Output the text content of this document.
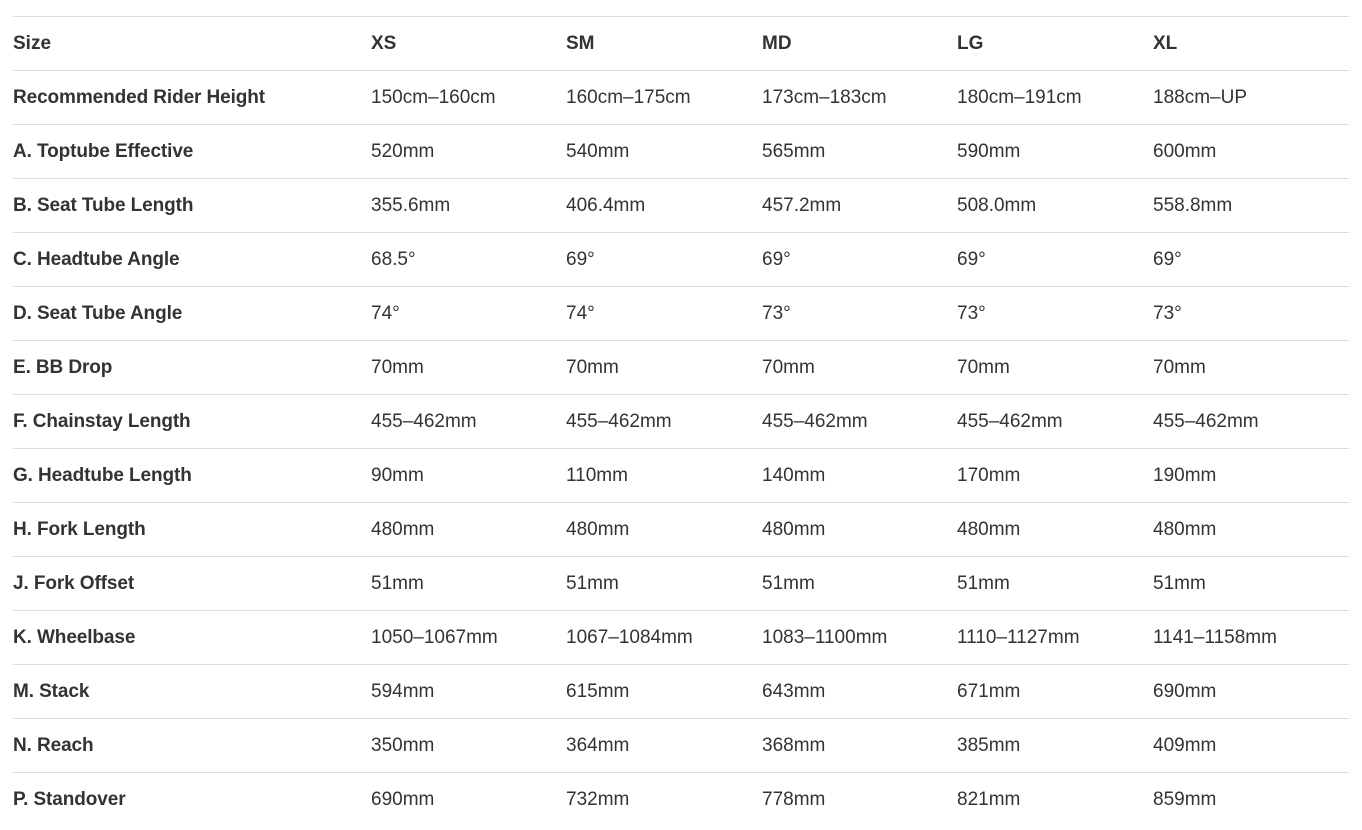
Size	XS	SM	MD	LG	XL
Recommended Rider Height	150cm–160cm	160cm–175cm	173cm–183cm	180cm–191cm	188cm–UP
A. Toptube Effective	520mm	540mm	565mm	590mm	600mm
B. Seat Tube Length	355.6mm	406.4mm	457.2mm	508.0mm	558.8mm
C. Headtube Angle	68.5°	69°	69°	69°	69°
D. Seat Tube Angle	74°	74°	73°	73°	73°
E. BB Drop	70mm	70mm	70mm	70mm	70mm
F. Chainstay Length	455–462mm	455–462mm	455–462mm	455–462mm	455–462mm
G. Headtube Length	90mm	110mm	140mm	170mm	190mm
H. Fork Length	480mm	480mm	480mm	480mm	480mm
J. Fork Offset	51mm	51mm	51mm	51mm	51mm
K. Wheelbase	1050–1067mm	1067–1084mm	1083–1100mm	1110–1127mm	1141–1158mm
M. Stack	594mm	615mm	643mm	671mm	690mm
N. Reach	350mm	364mm	368mm	385mm	409mm
P. Standover	690mm	732mm	778mm	821mm	859mm
